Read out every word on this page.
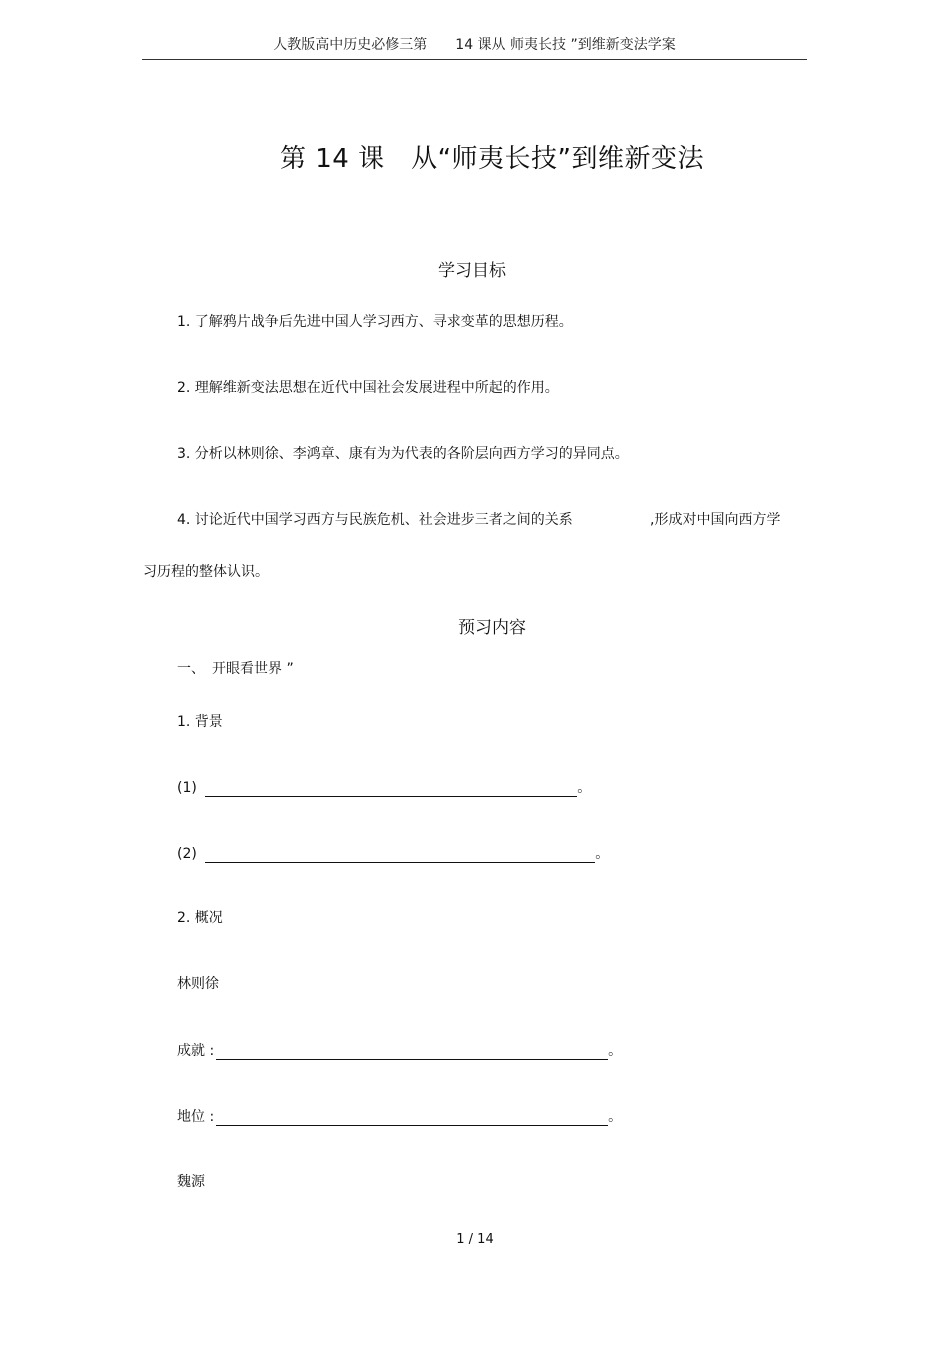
人教版高中历史必修三第　　14 课从 师夷长技 ”到维新变法学案
第 14 课　从“师夷长技”到维新变法
学习目标
1. 了解鸦片战争后先进中国人学习西方、寻求变革的思想历程。
2. 理解维新变法思想在近代中国社会发展进程中所起的作用。
3. 分析以林则徐、李鸿章、康有为为代表的各阶层向西方学习的异同点。
4. 讨论近代中国学习西方与民族危机、社会进步三者之间的关系	,形成对中国向西方学
习历程的整体认识。
预习内容
一、　开眼看世界 ”
1. 背景
(1)	。
(2)	。
2. 概况
林则徐
成就 :	。
地位 :	。
魏源
1 / 14
